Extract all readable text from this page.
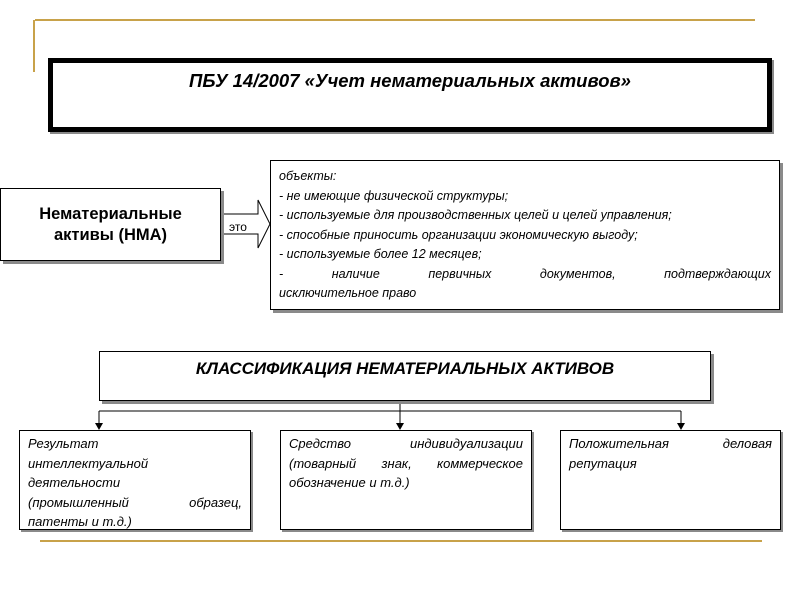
ПБУ 14/2007 «Учет нематериальных активов»
Нематериальные
активы (НМА)	это
объекты:
- не имеющие физической структуры;
- используемые для производственных целей и целей управления;
- способные приносить организации экономическую выгоду;
- используемые более 12 месяцев;
- наличие первичных документов, подтверждающих
исключительное право
КЛАССИФИКАЦИЯ НЕМАТЕРИАЛЬНЫХ АКТИВОВ
Результат
интеллектуальной
деятельности
(промышленный образец,
патенты и т.д.)
Средство индивидуализации
(товарный знак, коммерческое
обозначение и т.д.)
Положительная деловая
репутация
